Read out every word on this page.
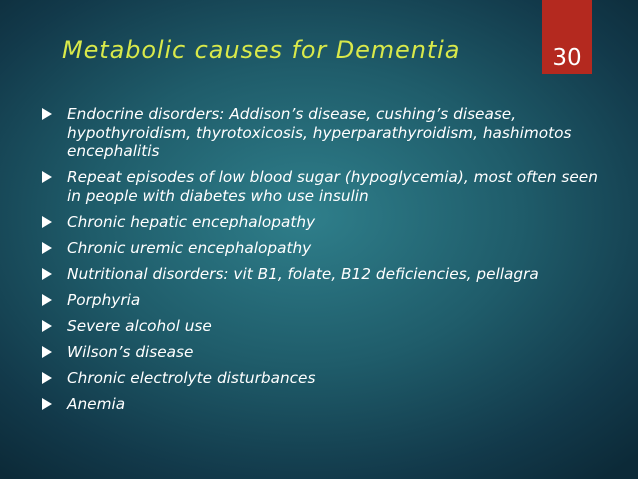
Metabolic causes for Dementia	30
Endocrine disorders: Addison’s disease, cushing’s disease, hypothyroidism, thyrotoxicosis, hyperparathyroidism, hashimotos encephalitis
Repeat episodes of low blood sugar (hypoglycemia), most often seen in people with diabetes who use insulin
Chronic hepatic encephalopathy
Chronic uremic encephalopathy
Nutritional disorders: vit B1, folate, B12 deficiencies, pellagra
Porphyria
Severe alcohol use
Wilson’s disease
Chronic electrolyte disturbances
Anemia
